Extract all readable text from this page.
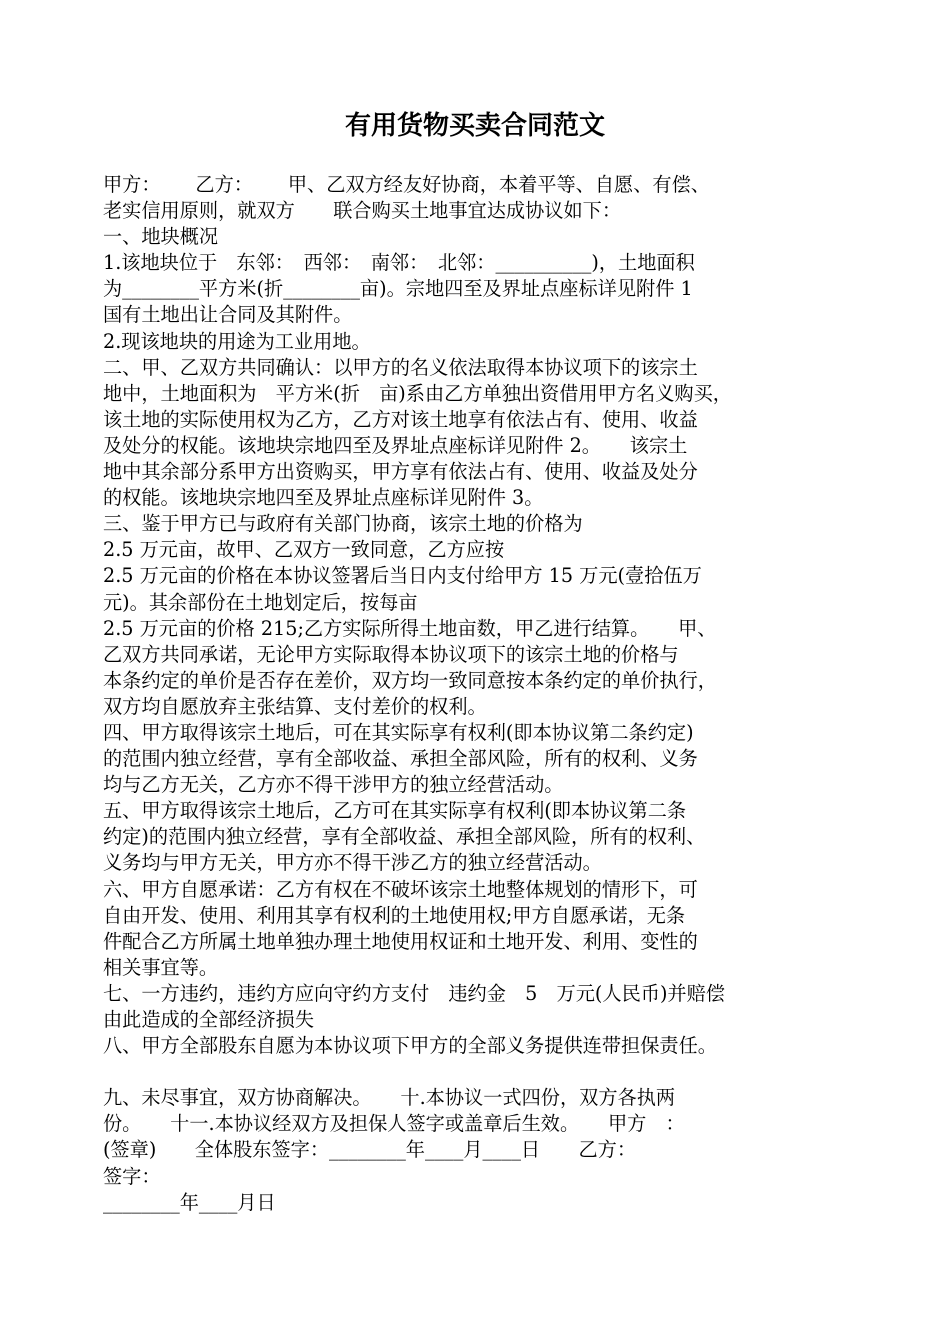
有用货物买卖合同范文
甲方：　　 乙方：　　 甲、乙双方经友好协商，本着平等、自愿、有偿、
老实信用原则，就双方　　联合购买土地事宜达成协议如下：
一、地块概况
1.该地块位于　东邻：　西邻：　南邻：　北邻：__________)，土地面积
为________平方米(折________亩)。宗地四至及界址点座标详见附件 1
国有土地出让合同及其附件。
2.现该地块的用途为工业用地。
二、甲、乙双方共同确认：以甲方的名义依法取得本协议项下的该宗土
地中，土地面积为　平方米(折　亩)系由乙方单独出资借用甲方名义购买，
该土地的实际使用权为乙方，乙方对该土地享有依法占有、使用、收益
及处分的权能。该地块宗地四至及界址点座标详见附件 2。　　该宗土
地中其余部分系甲方出资购买，甲方享有依法占有、使用、收益及处分
的权能。该地块宗地四至及界址点座标详见附件 3。
三、鉴于甲方已与政府有关部门协商，该宗土地的价格为
2.5 万元亩，故甲、乙双方一致同意，乙方应按
2.5 万元亩的价格在本协议签署后当日内支付给甲方 15 万元(壹拾伍万
元)。其余部份在土地划定后，按每亩
2.5 万元亩的价格 215;乙方实际所得土地亩数，甲乙进行结算。　　甲、
乙双方共同承诺，无论甲方实际取得本协议项下的该宗土地的价格与
本条约定的单价是否存在差价，双方均一致同意按本条约定的单价执行，
双方均自愿放弃主张结算、支付差价的权利。
四、甲方取得该宗土地后，可在其实际享有权利(即本协议第二条约定)
的范围内独立经营，享有全部收益、承担全部风险，所有的权利、义务
均与乙方无关，乙方亦不得干涉甲方的独立经营活动。
五、甲方取得该宗土地后，乙方可在其实际享有权利(即本协议第二条
约定)的范围内独立经营，享有全部收益、承担全部风险，所有的权利、
义务均与甲方无关，甲方亦不得干涉乙方的独立经营活动。
六、甲方自愿承诺：乙方有权在不破坏该宗土地整体规划的情形下，可
自由开发、使用、利用其享有权利的土地使用权;甲方自愿承诺，无条
件配合乙方所属土地单独办理土地使用权证和土地开发、利用、变性的
相关事宜等。
七、一方违约，违约方应向守约方支付　违约金　5　万元(人民币)并赔偿
由此造成的全部经济损失
八、甲方全部股东自愿为本协议项下甲方的全部义务提供连带担保责任。
九、未尽事宜，双方协商解决。　　十.本协议一式四份，双方各执两
份。　　十一.本协议经双方及担保人签字或盖章后生效。　　甲方　：
(签章)　　全体股东签字：________年____月____日　　乙方：
签字：
________年____月日
